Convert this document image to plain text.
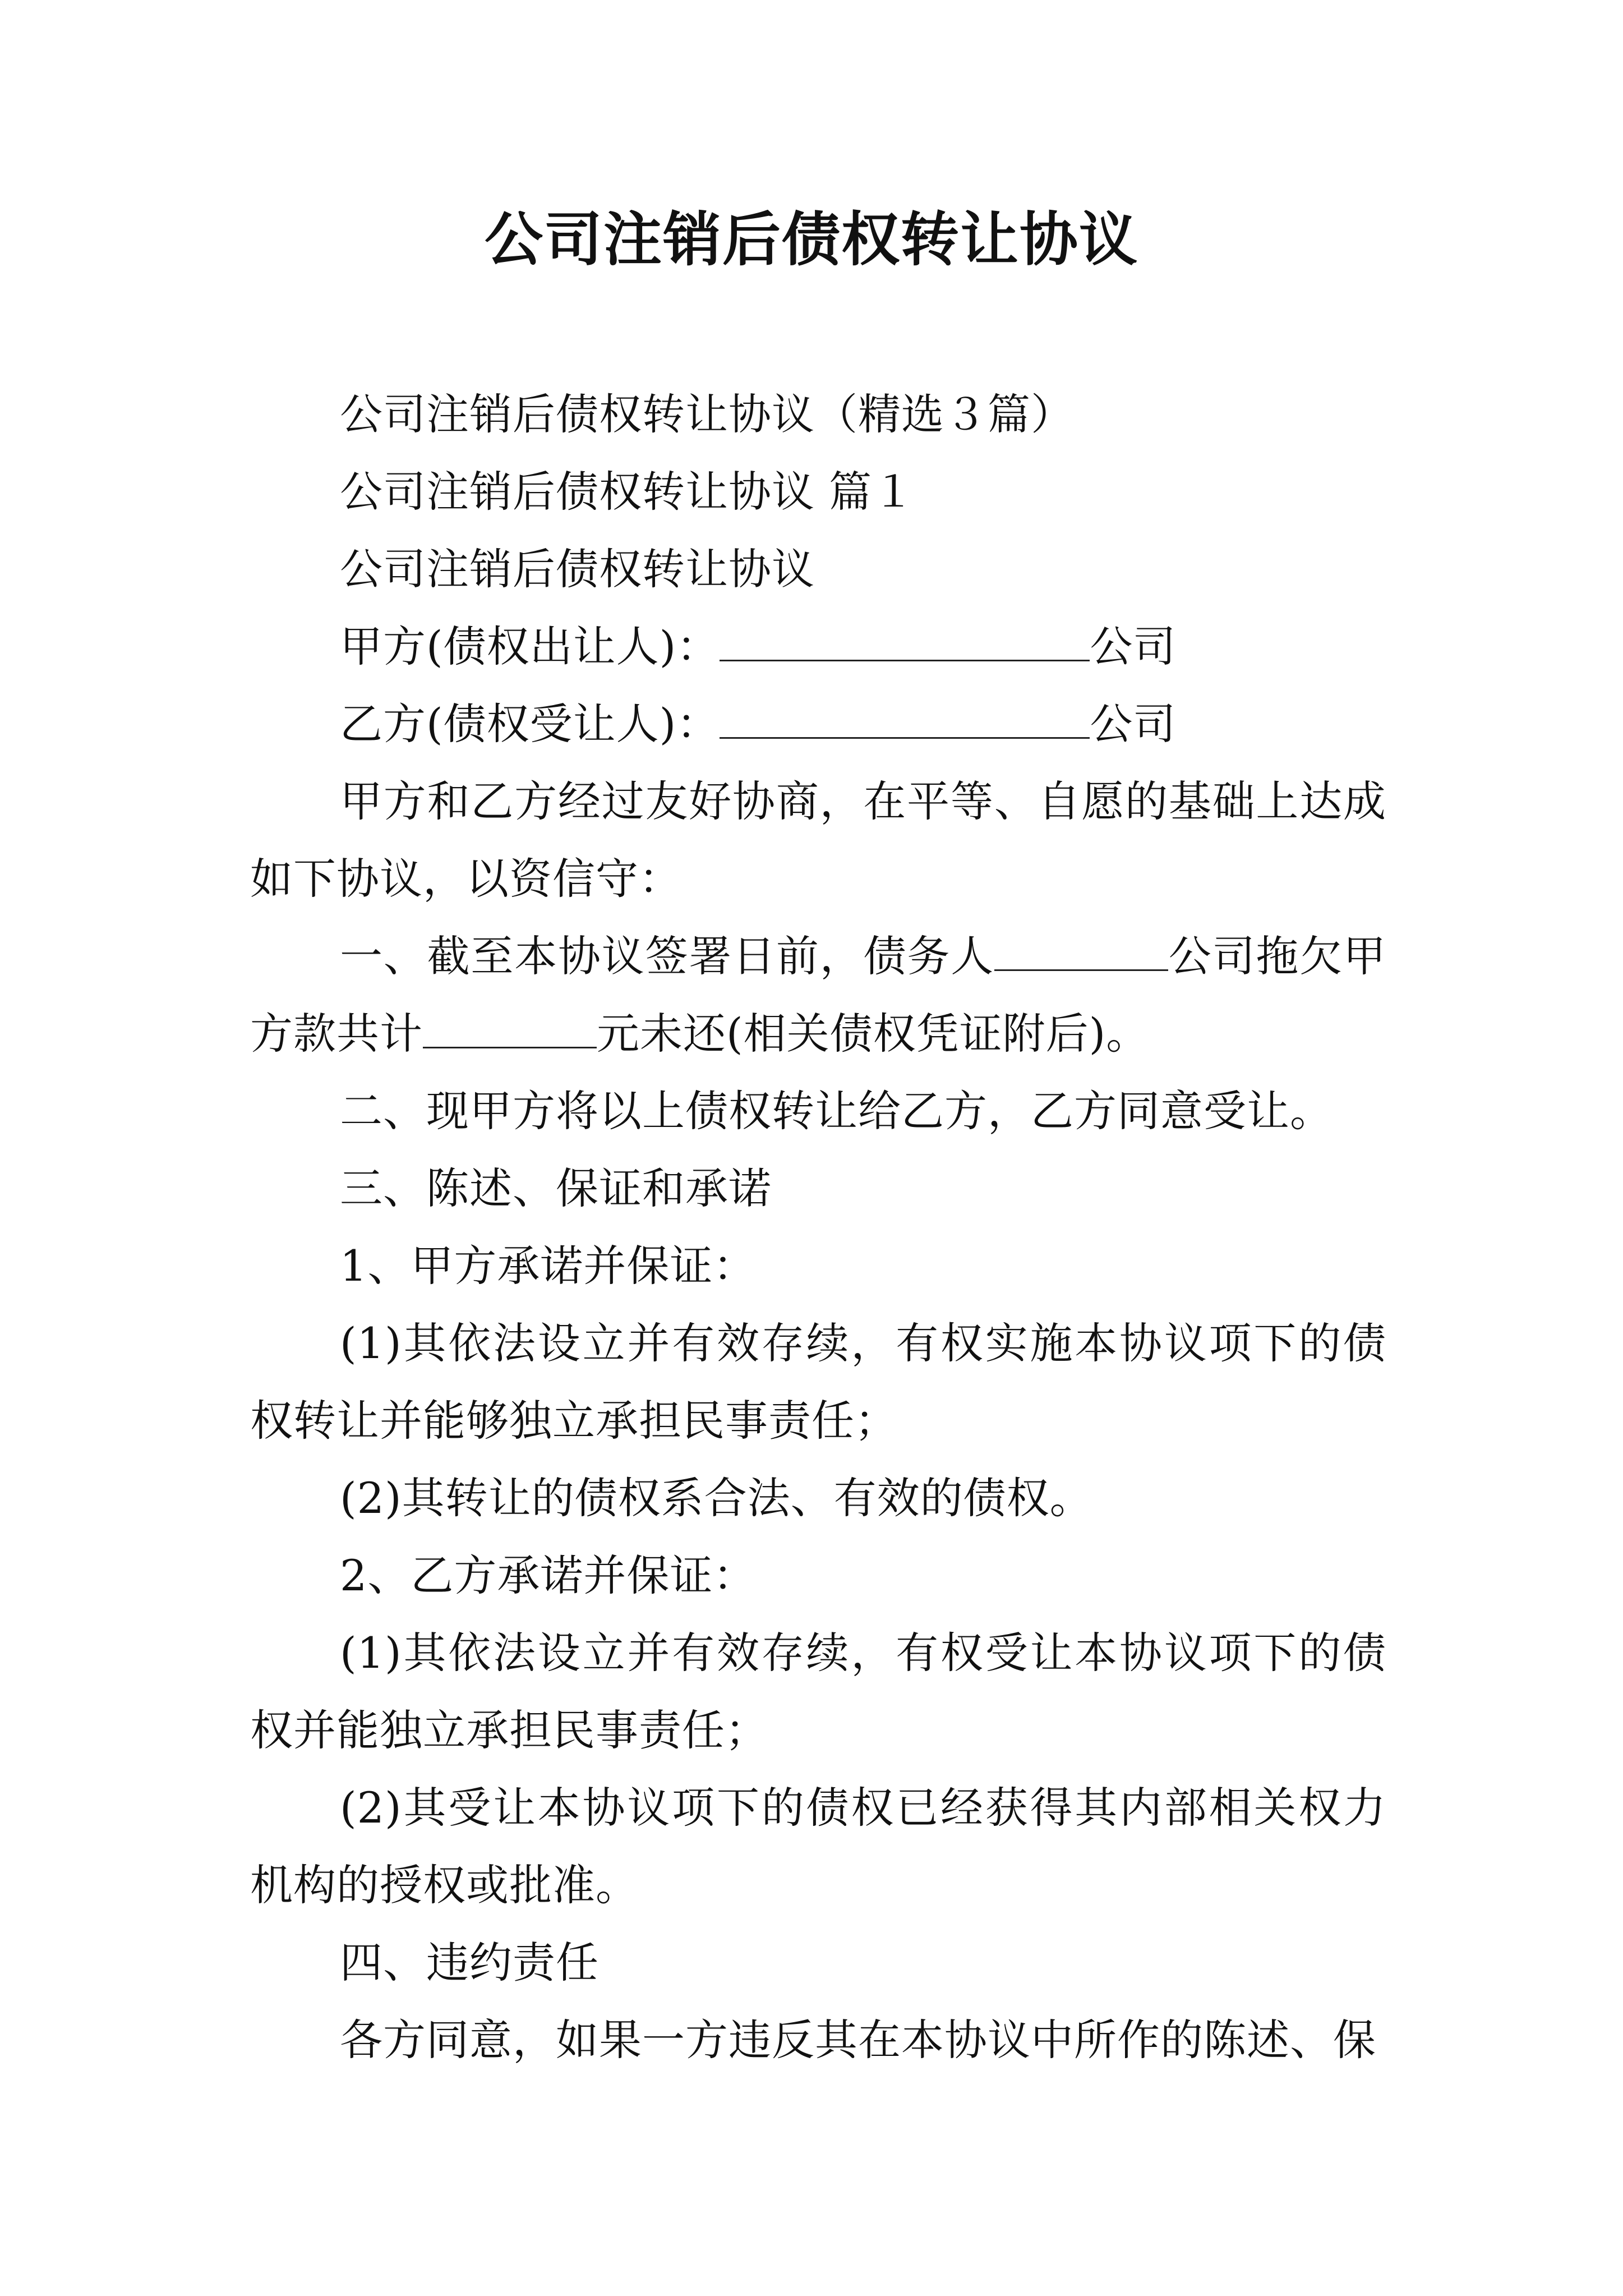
公司注销后债权转让协议

公司注销后债权转让协议（精选３篇）

公司注销后债权转让协议 篇１

公司注销后债权转让协议

甲方(债权出让人)：	公司

乙方(债权受让人)：	公司

甲方和乙方经过友好协商，在平等、自愿的基础上达成如下协议，以资信守：

一、截至本协议签署日前，债务人	公司拖欠甲方款共计	元未还(相关债权凭证附后)。

二、现甲方将以上债权转让给乙方，乙方同意受让。

三、陈述、保证和承诺

1、甲方承诺并保证：

(1)其依法设立并有效存续，有权实施本协议项下的债权转让并能够独立承担民事责任；

(2)其转让的债权系合法、有效的债权。

2、乙方承诺并保证：

(1)其依法设立并有效存续，有权受让本协议项下的债权并能独立承担民事责任；

(2)其受让本协议项下的债权已经获得其内部相关权力机构的授权或批准。

四、违约责任

各方同意，如果一方违反其在本协议中所作的陈述、保
